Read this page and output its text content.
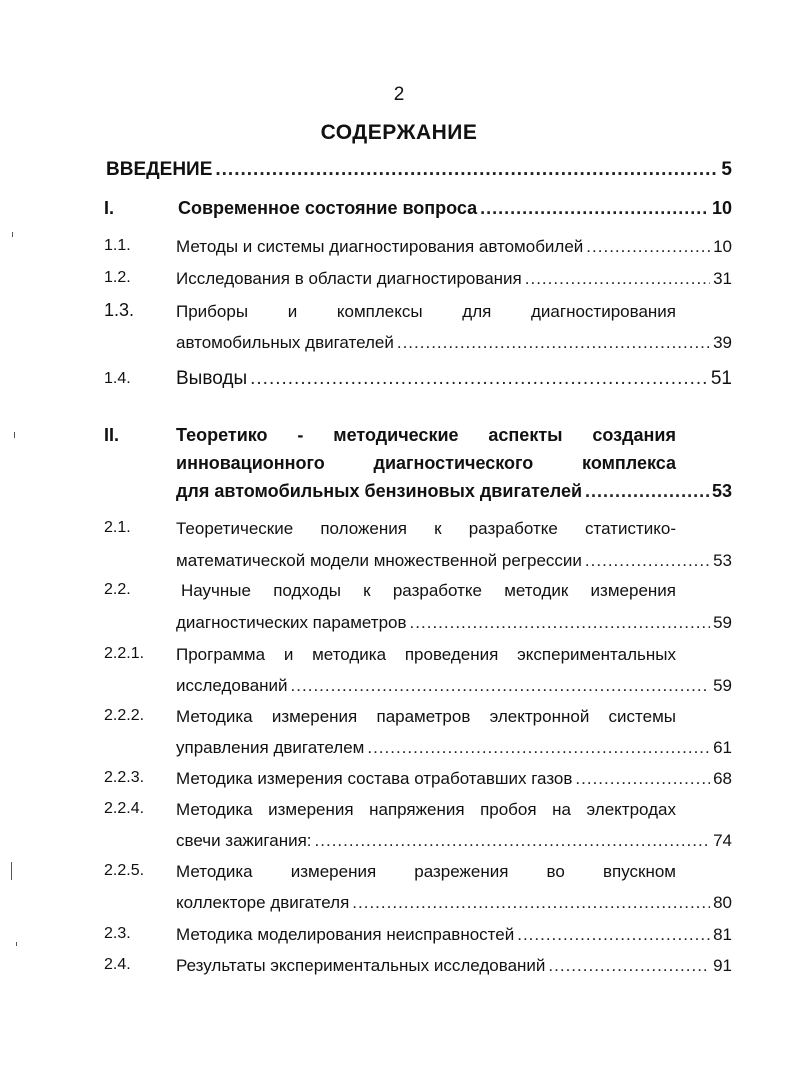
2
СОДЕРЖАНИЕ
ВВЕДЕНИЕ .....	5
I.	Современное состояние вопроса .....	10
1.1.	Методы и системы диагностирования автомобилей .....	10
1.2.	Исследования в области диагностирования .....	31
1.3. Приборы и комплексы для диагностирования
автомобильных двигателей .....	39
1.4. Выводы .....	51
II.	Теоретико - методические аспекты создания
инновационного диагностического комплекса
для автомобильных бензиновых двигателей .....	53
2.1.	Теоретические положения к разработке статистико-
математической модели множественной регрессии .....	53
2.2.	Научные подходы к разработке методик измерения
диагностических параметров .....	59
2.2.1. Программа и методика проведения экспериментальных
исследований .....	59
2.2.2. Методика измерения параметров электронной системы
управления двигателем .....	61
2.2.3. Методика измерения состава отработавших газов .....	68
2.2.4. Методика измерения напряжения пробоя на электродах
свечи зажигания: .....	74
2.2.5. Методика измерения разрежения во впускном
коллекторе двигателя .....	80
2.3.	Методика моделирования неисправностей .....	81
2.4.	Результаты экспериментальных исследований .....	91
